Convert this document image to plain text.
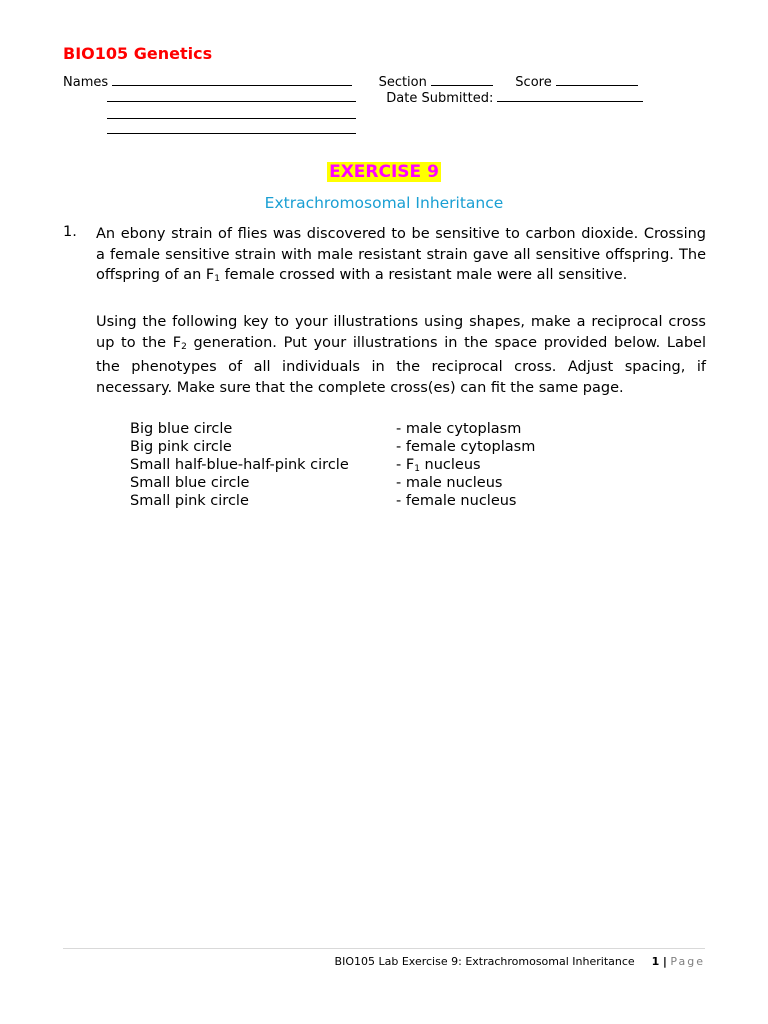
BIO105 Genetics
Names	Section	Score
Date Submitted:
EXERCISE 9
Extrachromosomal Inheritance
1. An ebony strain of flies was discovered to be sensitive to carbon dioxide. Crossing a female sensitive strain with male resistant strain gave all sensitive offspring. The offspring of an $F_1$ female crossed with a resistant male were all sensitive.
Using the following key to your illustrations using shapes, make a reciprocal cross up to the $F_2$ generation. Put your illustrations in the space provided below. Label the phenotypes of all individuals in the reciprocal cross. Adjust spacing, if necessary. Make sure that the complete cross(es) can fit the same page.
Big blue circle	- male cytoplasm
Big pink circle	- female cytoplasm
Small half-blue-half-pink circle	- $F_1$ nucleus
Small blue circle	- male nucleus
Small pink circle	- female nucleus
BIO105 Lab Exercise 9: Extrachromosomal Inheritance 1 | Page
